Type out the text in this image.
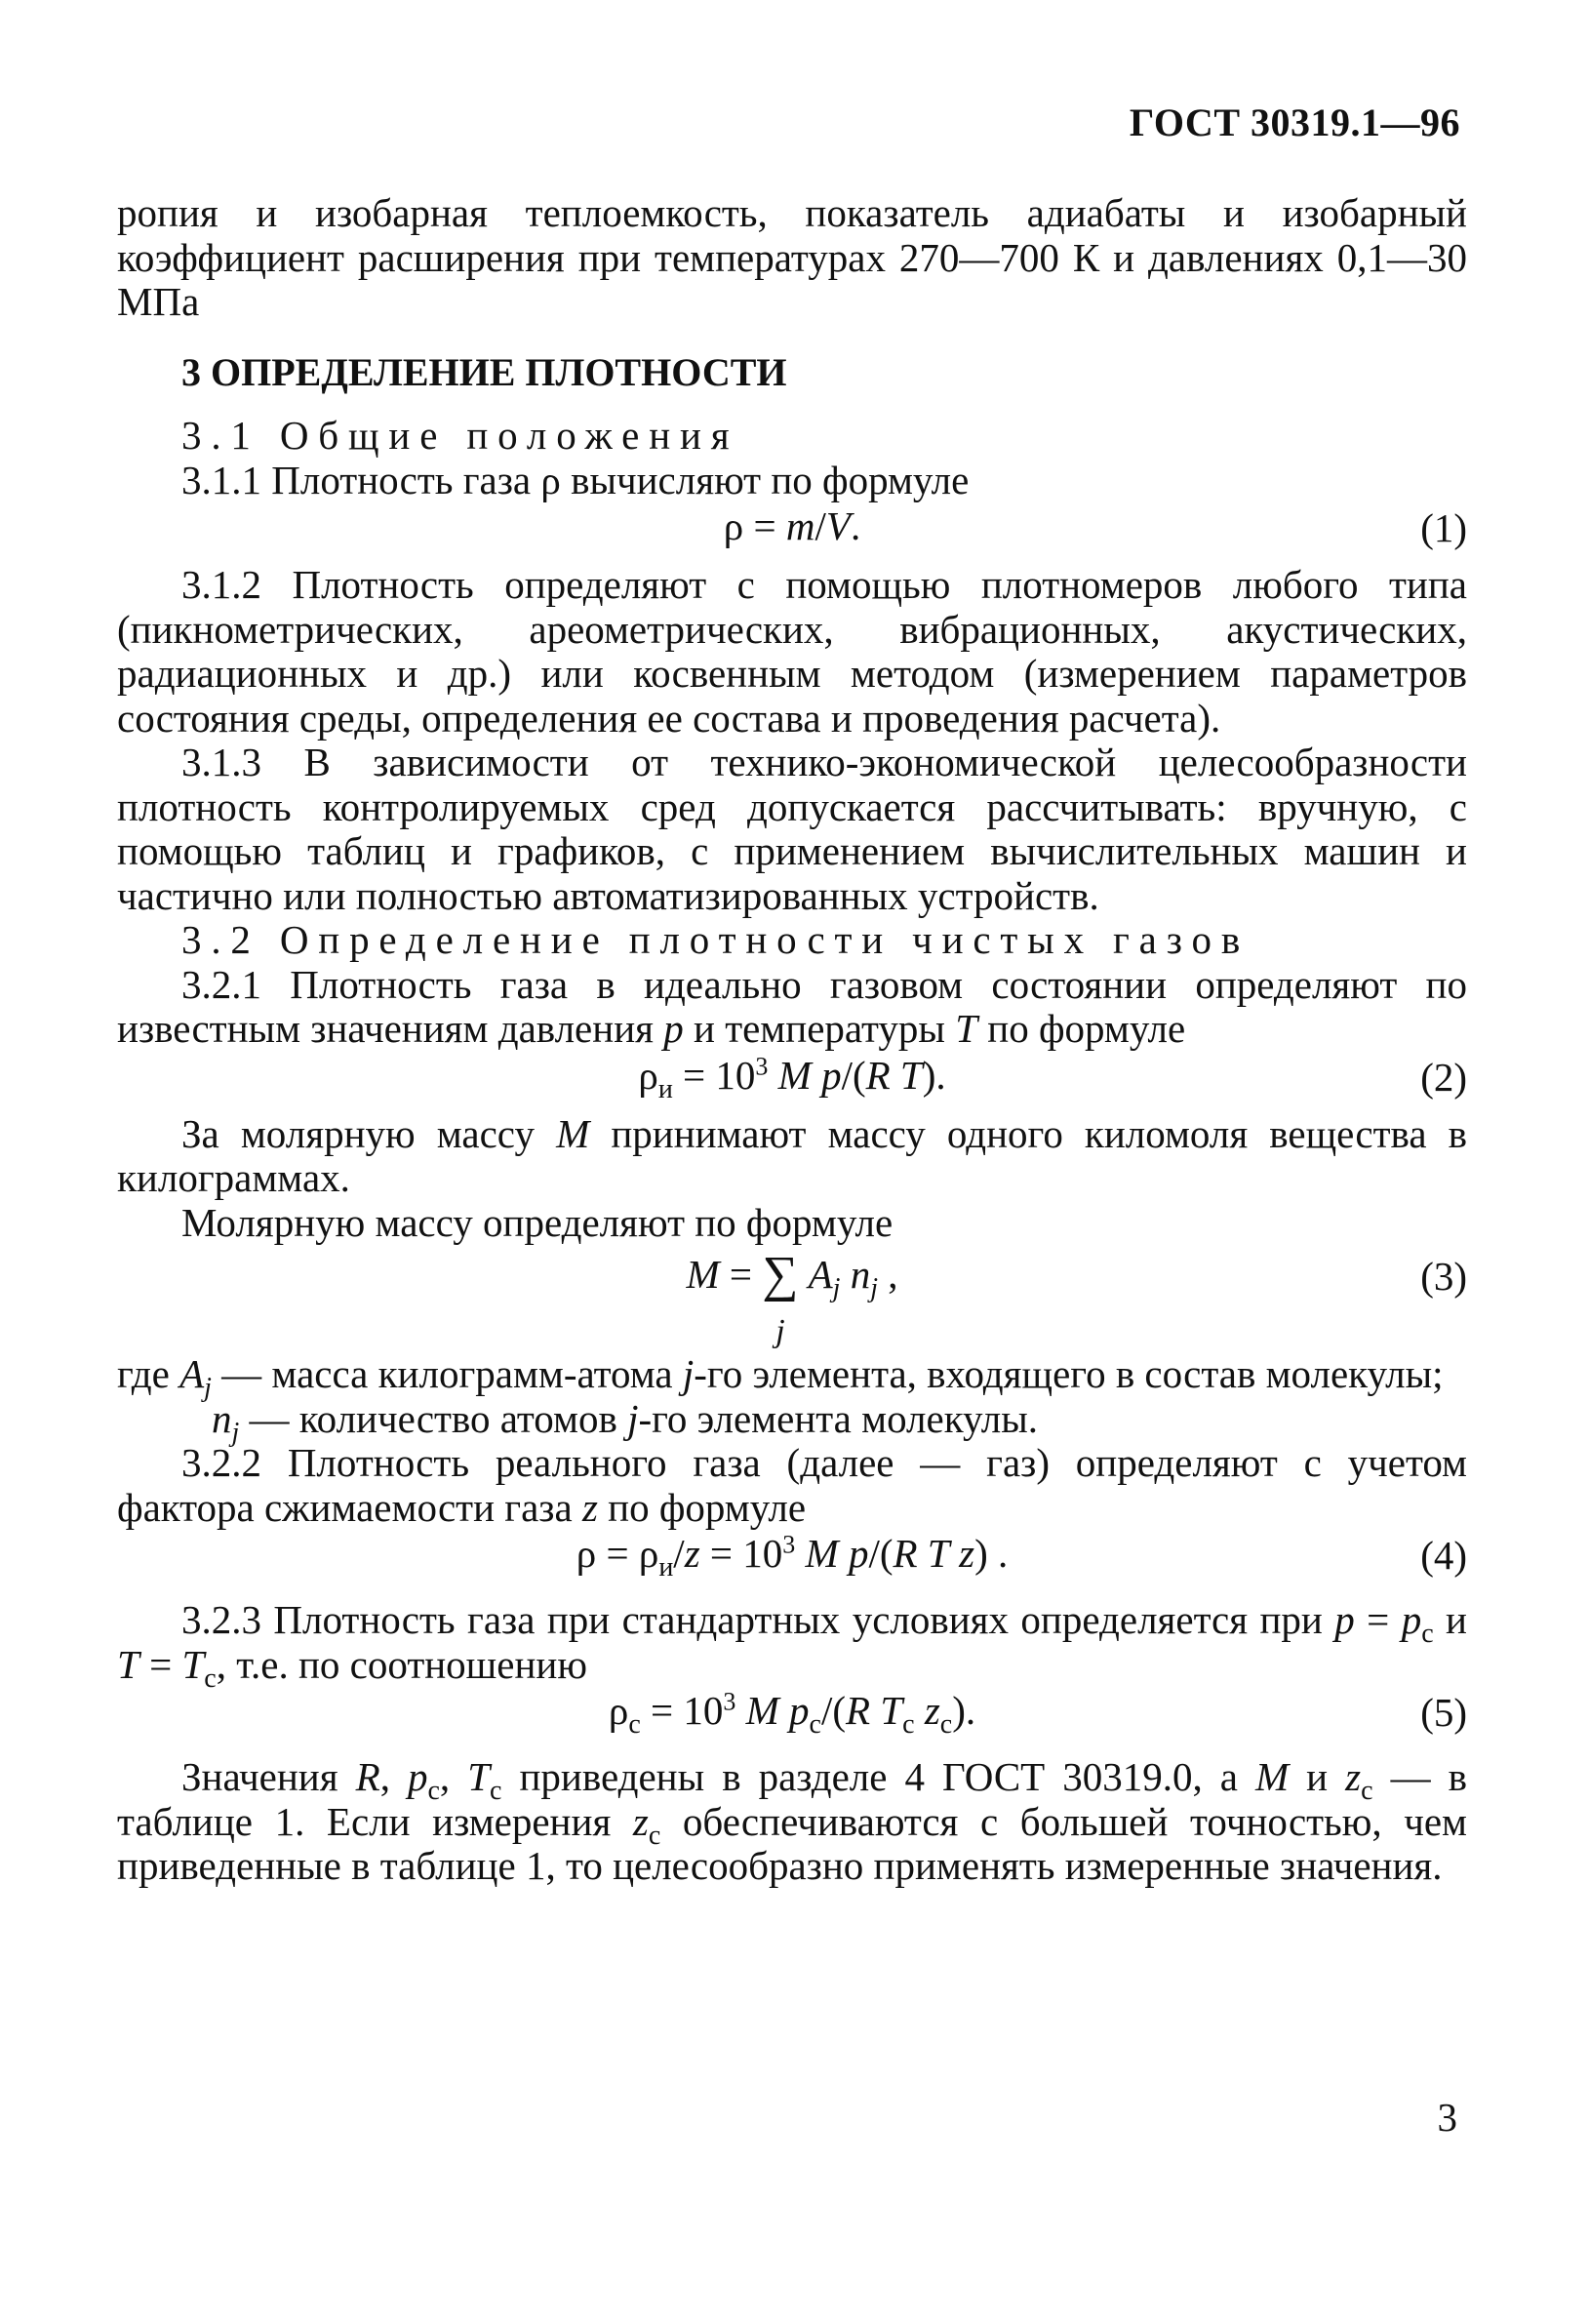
ГОСТ 30319.1—96

ропия и изобарная теплоемкость, показатель адиабаты и изобарный коэффициент расширения при температурах 270—700 К и давлениях 0,1—30 МПа

3 ОПРЕДЕЛЕНИЕ ПЛОТНОСТИ

3.1 Общие положения

3.1.1 Плотность газа ρ вычисляют по формуле

ρ = m/V.	(1)

3.1.2 Плотность определяют с помощью плотномеров любого типа (пикнометрических, ареометрических, вибрационных, акустических, радиационных и др.) или косвенным методом (измерением параметров состояния среды, определения ее состава и проведения расчета).

3.1.3 В зависимости от технико-экономической целесообразности плотность контролируемых сред допускается рассчитывать: вручную, с помощью таблиц и графиков, с применением вычислительных машин и частично или полностью автоматизированных устройств.

3.2 Определение плотности чистых газов

3.2.1 Плотность газа в идеально газовом состоянии определяют по известным значениям давления p и температуры T по формуле

$\rho_и = 10^3$ M p/(R T).	(2)

За молярную массу M принимают массу одного киломоля вещества в килограммах.

Молярную массу определяют по формуле

M = ∑
j
$A_j$ $n_j$ ,	(3)

где $A_j$ — масса килограмм-атома j-го элемента, входящего в состав молекулы;

$n_j$ — количество атомов j-го элемента молекулы.

3.2.2 Плотность реального газа (далее — газ) определяют с учетом фактора сжимаемости газа z по формуле

$\rho = \rho_и/z = 10^3$ M p/(R T z) .	(4)

3.2.3 Плотность газа при стандартных условиях определяется при $p = p_с$ и $T = T_с$, т.е. по соотношению

$\rho_с = 10^3$ M $p_с/(R$ $T_с$ $z_с$).	(5)

Значения R, $p_с$, $T_с$ приведены в разделе 4 ГОСТ 30319.0, а M и $z_с$ — в таблице 1. Если измерения $z_с$ обеспечиваются с большей точностью, чем приведенные в таблице 1, то целесообразно применять измеренные значения.

3
